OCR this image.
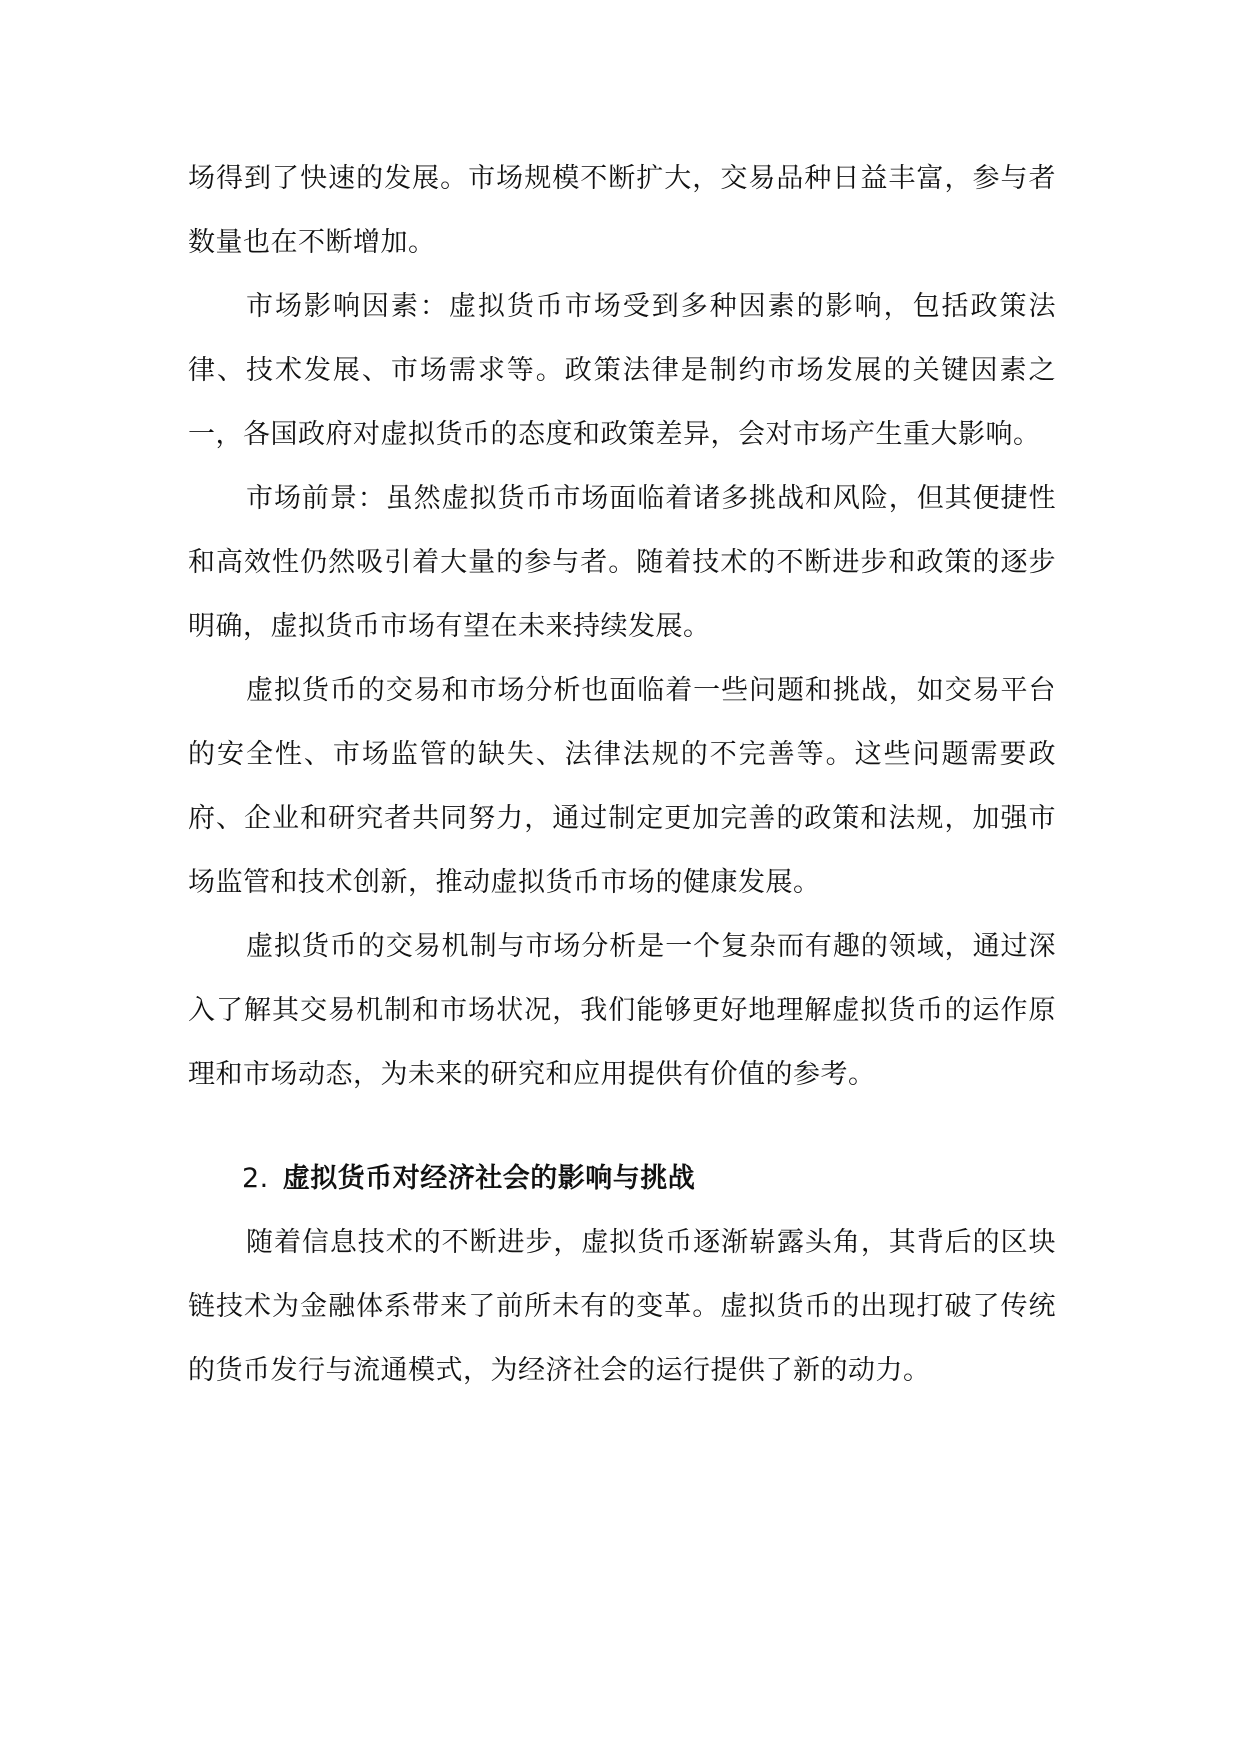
场得到了快速的发展。市场规模不断扩大，交易品种日益丰富，参与者数量也在不断增加。

市场影响因素：虚拟货币市场受到多种因素的影响，包括政策法律、技术发展、市场需求等。政策法律是制约市场发展的关键因素之一，各国政府对虚拟货币的态度和政策差异，会对市场产生重大影响。

市场前景：虽然虚拟货币市场面临着诸多挑战和风险，但其便捷性和高效性仍然吸引着大量的参与者。随着技术的不断进步和政策的逐步明确，虚拟货币市场有望在未来持续发展。

虚拟货币的交易和市场分析也面临着一些问题和挑战，如交易平台的安全性、市场监管的缺失、法律法规的不完善等。这些问题需要政府、企业和研究者共同努力，通过制定更加完善的政策和法规，加强市场监管和技术创新，推动虚拟货币市场的健康发展。

虚拟货币的交易机制与市场分析是一个复杂而有趣的领域，通过深入了解其交易机制和市场状况，我们能够更好地理解虚拟货币的运作原理和市场动态，为未来的研究和应用提供有价值的参考。

2. 虚拟货币对经济社会的影响与挑战

随着信息技术的不断进步，虚拟货币逐渐崭露头角，其背后的区块链技术为金融体系带来了前所未有的变革。虚拟货币的出现打破了传统的货币发行与流通模式，为经济社会的运行提供了新的动力。
